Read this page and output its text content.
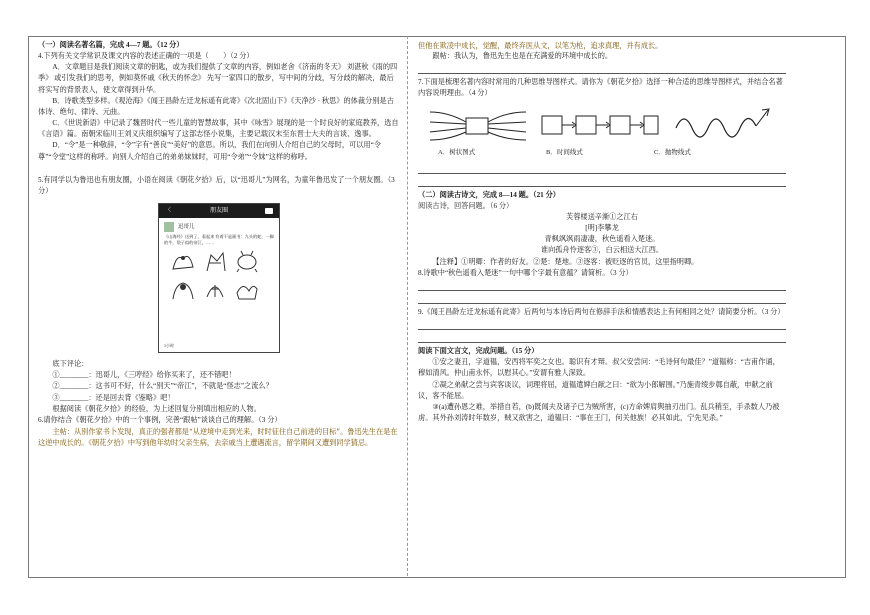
（一）阅读名著名篇，完成 4—7 题。（12 分）

4.下列有关文学常识及课文内容的表述正确的一项是（　　）（2 分）

A．文章题目是我们阅读文章的钥匙，或为我们提供了文章的内容，例如老舍《济南的冬天》 刘湛秋《雨的四季》 或引发我们的思考，例如莫怀戚《秋天的怀念》 先写一家四口的散步，写中间的分歧，写分歧的解决，最后将实写的背景表人，使文章得到升华。

B．诗歌类型多样。《观沧海》《闻王昌龄左迁龙标遥有此寄》《次北固山下》《天净沙 · 秋思》的体裁分别是古体诗、绝句、律诗、元曲。

C．《世说新语》中记录了魏晋时代一些儿童的智慧故事，其中《咏雪》展现的是一个时良好的家庭教养，选自《言语》篇。南朝宋临川王刘义庆组织编写了这部志怪小说集，主要记载汉末至东晋士大夫的言谈、逸事。

D．“令”是一种敬辞，“令”字有“善良”“美好”的意思。所以，我们在向别人介绍自己的父母时，可以用“令尊”“令堂”这样的称呼。向别人介绍自己的弟弟妹妹时，可用“令弟”“令妹”这样的称呼。

5.有同学以为鲁迅也有朋友圈，小语在阅读《朝花夕拾》后，以“迅哥儿”为网名，为童年鲁迅发了一个朋友圈。（3 分）

〈	朋友圈
迅哥儿
《山海经》送到了，看起来 有着不是画书：九头的蛇，一脚的牛，袋子似的帝江，……
1小时

底下评论：

①________：迅哥儿，《三哼经》给你买来了，还不错吧！

②________：这书可不好，什么“别天”“帝江”，不就是“怪志”之流么？

③________：还是回去背《鉴略》吧！

根据阅读《朝花夕拾》的经验，为上述回复分别填出相应的人物。

6.请你结合《朝花夕拾》中的一个事例，完善“跟帖”谈谈自己的理解。（3 分）

主帖：从别作家书卜发现，真正的强者都是“从逆境中走到光来，时时征住自己前进的目标”。鲁迅先生在是在这逆中成长的。《朝花夕拾》中写到他年幼时父亲生病，去亲戚当上遭遇流言，留学期间又遭到同学猜忌。

但他在欺凌中成长，觉醒，最终弃医从文，以笔为枪，追求真理，并有成长。

跟帖：我认为，鲁迅先生也是在充满爱的环境中成长的。

7.下面是梳理名著内容时常用的几种思维导图样式。请你为《朝花夕拾》选择一种合适的思维导图样式，并结合名著内容说明理由。（4 分）

A．树状图式	B．时间线式	C．抛物线式

（二）阅读古诗文，完成 8—14 题。（21 分）

阅读古诗，回答问题。（6 分）

芙蓉楼送辛渐①之江右

[明]李攀龙

青枫飒飒雨凄凄，秋色遥看入楚迷。

谁向孤舟怜逐客③，白云相送大江西。

【注释】①明卿：作者的好友。②楚：楚地。③逐客：被贬逐的官员，这里指明卿。

8.诗歌中“秋色遥看入楚迷”一句中哪个字最有意蕴？请简析。（3 分）

9.《闻王昌龄左迁龙标遥有此寄》后两句与本诗后两句在修辞手法和情感表达上有何相同之处？请简要分析。（3 分）

阅读下面文言文，完成问题。（15 分）

①安之妻丑，字道韫，安西将军奕之女也。聪识有才辩。叔父安尝问：“毛诗何句最佳？”道韫称：“吉甫作诵，穆如清风。仲山甫永怀，以慰其心。”安谓有雅人深致。

②凝之弟献之尝与宾客谈议，词理将屈，道韫遣婢白献之曰：“欲为小郎解围。”乃施青绫步鄣自蔽，申献之前议，客不能屈。

③(a)遭孙恩之难，举措自若，(b)既闻夫及诸子已为贼所害，(c)方命婢肩舆抽刃出门。乱兵稍至，手杀数人乃被虏。其外孙刘涛时年数岁，贼又欲害之，道韫曰：“事在王门，何关他族！必其如此，宁先见杀。”
